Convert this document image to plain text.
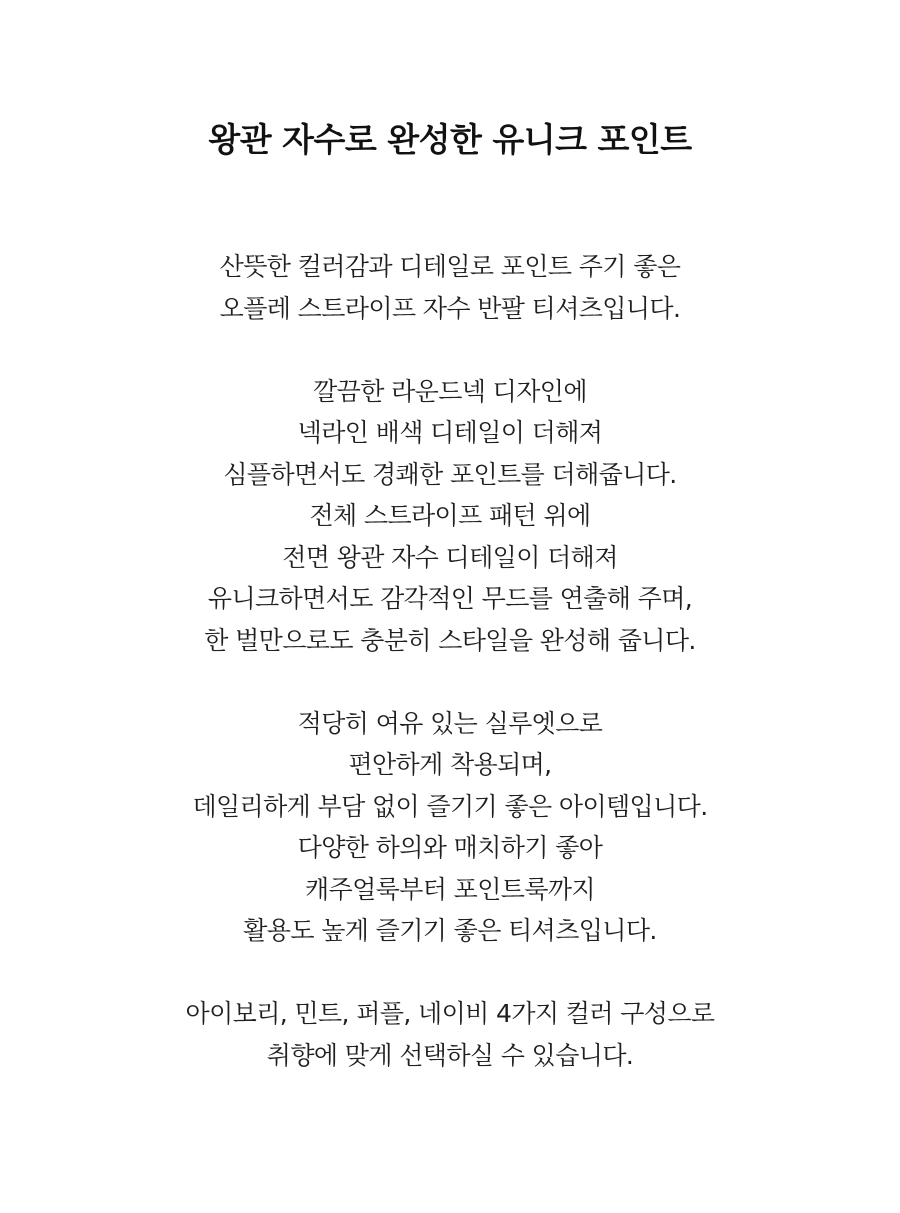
왕관 자수로 완성한 유니크 포인트
산뜻한 컬러감과 디테일로 포인트 주기 좋은
오플레 스트라이프 자수 반팔 티셔츠입니다.
깔끔한 라운드넥 디자인에
넥라인 배색 디테일이 더해져
심플하면서도 경쾌한 포인트를 더해줍니다.
전체 스트라이프 패턴 위에
전면 왕관 자수 디테일이 더해져
유니크하면서도 감각적인 무드를 연출해 주며,
한 벌만으로도 충분히 스타일을 완성해 줍니다.
적당히 여유 있는 실루엣으로
편안하게 착용되며,
데일리하게 부담 없이 즐기기 좋은 아이템입니다.
다양한 하의와 매치하기 좋아
캐주얼룩부터 포인트룩까지
활용도 높게 즐기기 좋은 티셔츠입니다.
아이보리, 민트, 퍼플, 네이비 4가지 컬러 구성으로
취향에 맞게 선택하실 수 있습니다.
